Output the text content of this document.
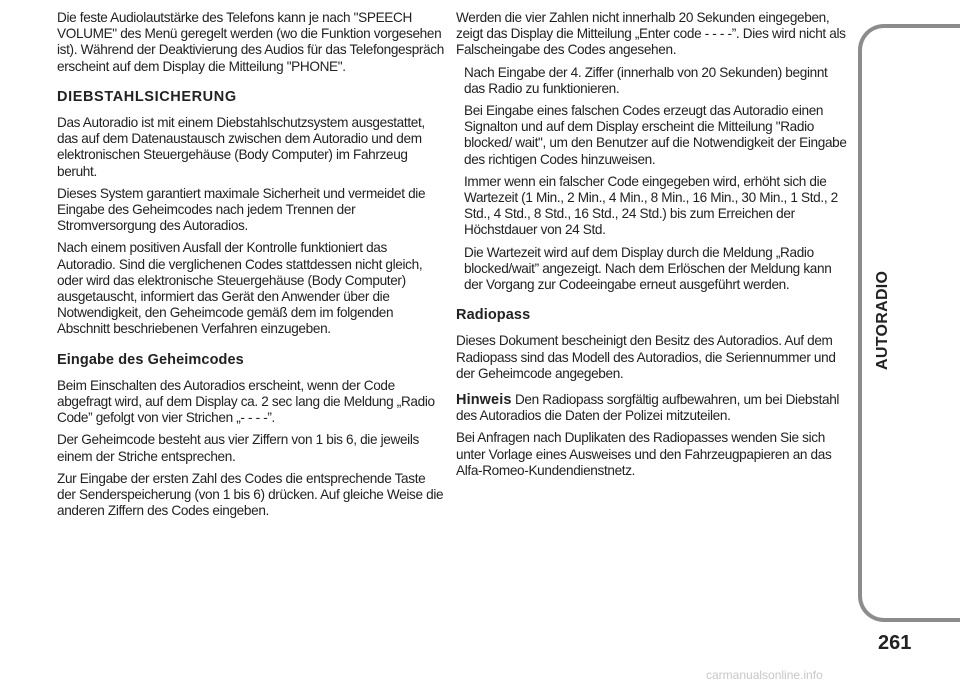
Die feste Audiolautstärke des Telefons kann je nach "SPEECH VOLUME" des Menü geregelt werden (wo die Funktion vorgesehen ist). Während der Deaktivierung des Audios für das Telefongespräch erscheint auf dem Display die Mitteilung "PHONE".

DIEBSTAHLSICHERUNG

Das Autoradio ist mit einem Diebstahlschutzsystem ausgestattet, das auf dem Datenaustausch zwischen dem Autoradio und dem elektronischen Steuergehäuse (Body Computer) im Fahrzeug beruht.

Dieses System garantiert maximale Sicherheit und vermeidet die Eingabe des Geheimcodes nach jedem Trennen der Stromversorgung des Autoradios.

Nach einem positiven Ausfall der Kontrolle funktioniert das Autoradio. Sind die verglichenen Codes stattdessen nicht gleich, oder wird das elektronische Steuergehäuse (Body Computer) ausgetauscht, informiert das Gerät den Anwender über die Notwendigkeit, den Geheimcode gemäß dem im folgenden Abschnitt beschriebenen Verfahren einzugeben.

Eingabe des Geheimcodes

Beim Einschalten des Autoradios erscheint, wenn der Code abgefragt wird, auf dem Display ca. 2 sec lang die Meldung „Radio Code” gefolgt von vier Strichen „- - - -”.

Der Geheimcode besteht aus vier Ziffern von 1 bis 6, die jeweils einem der Striche entsprechen.

Zur Eingabe der ersten Zahl des Codes die entsprechende Taste der Senderspeicherung (von 1 bis 6) drücken. Auf gleiche Weise die anderen Ziffern des Codes eingeben.

Werden die vier Zahlen nicht innerhalb 20 Sekunden eingegeben, zeigt das Display die Mitteilung „Enter code - - - -”. Dies wird nicht als Falscheingabe des Codes angesehen.

Nach Eingabe der 4. Ziffer (innerhalb von 20 Sekunden) beginnt das Radio zu funktionieren.

Bei Eingabe eines falschen Codes erzeugt das Autoradio einen Signalton und auf dem Display erscheint die Mitteilung "Radio blocked/ wait", um den Benutzer auf die Notwendigkeit der Eingabe des richtigen Codes hinzuweisen.

Immer wenn ein falscher Code eingegeben wird, erhöht sich die Wartezeit (1 Min., 2 Min., 4 Min., 8 Min., 16 Min., 30 Min., 1 Std., 2 Std., 4 Std., 8 Std., 16 Std., 24 Std.) bis zum Erreichen der Höchstdauer von 24 Std.

Die Wartezeit wird auf dem Display durch die Meldung „Radio blocked/wait” angezeigt. Nach dem Erlöschen der Meldung kann der Vorgang zur Codeeingabe erneut ausgeführt werden.

Radiopass

Dieses Dokument bescheinigt den Besitz des Autoradios. Auf dem Radiopass sind das Modell des Autoradios, die Seriennummer und der Geheimcode angegeben.

Hinweis Den Radiopass sorgfältig aufbewahren, um bei Diebstahl des Autoradios die Daten der Polizei mitzuteilen.

Bei Anfragen nach Duplikaten des Radiopasses wenden Sie sich unter Vorlage eines Ausweises und den Fahrzeugpapieren an das Alfa-Romeo-Kundendienstnetz.

AUTORADIO
261
carmanualsonline.info
